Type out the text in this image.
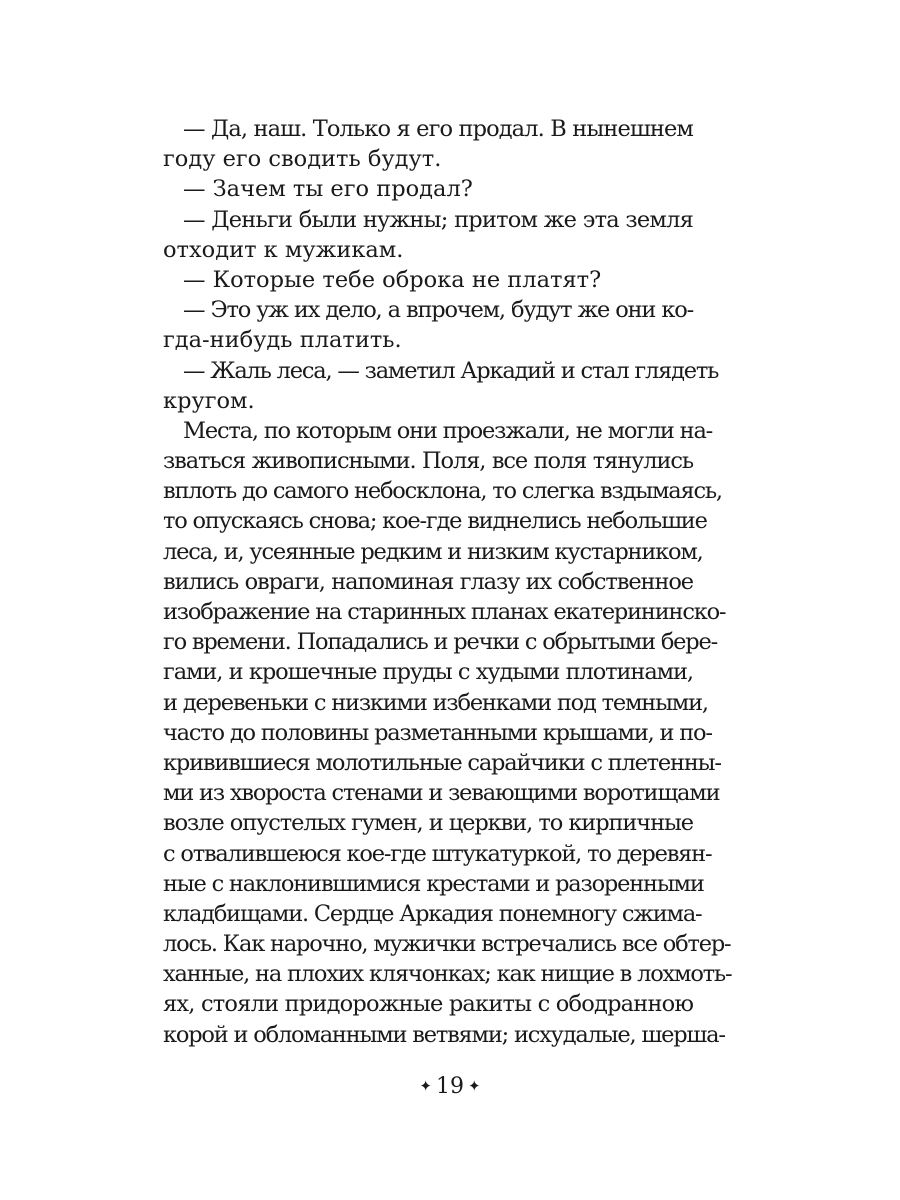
— Да, наш. Только я его продал. В нынешнем
году его сводить будут.
— Зачем ты его продал?
— Деньги были нужны; притом же эта земля
отходит к мужикам.
— Которые тебе оброка не платят?
— Это уж их дело, а впрочем, будут же они ко-
гда-нибудь платить.
— Жаль леса, — заметил Аркадий и стал глядеть
кругом.
Места, по которым они проезжали, не могли на-
зваться живописными. Поля, все поля тянулись
вплоть до самого небосклона, то слегка вздымаясь,
то опускаясь снова; кое-где виднелись небольшие
леса, и, усеянные редким и низким кустарником,
вились овраги, напоминая глазу их собственное
изображение на старинных планах екатерининско-
го времени. Попадались и речки с обрытыми бере-
гами, и крошечные пруды с худыми плотинами,
и деревеньки с низкими избенками под темными,
часто до половины разметанными крышами, и по-
кривившиеся молотильные сарайчики с плетенны-
ми из хвороста стенами и зевающими воротищами
возле опустелых гумен, и церкви, то кирпичные
с отвалившеюся кое-где штукатуркой, то деревян-
ные с наклонившимися крестами и разоренными
кладбищами. Сердце Аркадия понемногу сжима-
лось. Как нарочно, мужички встречались все обтер-
ханные, на плохих клячонках; как нищие в лохмоть-
ях, стояли придорожные ракиты с ободранною
корой и обломанными ветвями; исхудалые, шерша-
✦ 19 ✦
